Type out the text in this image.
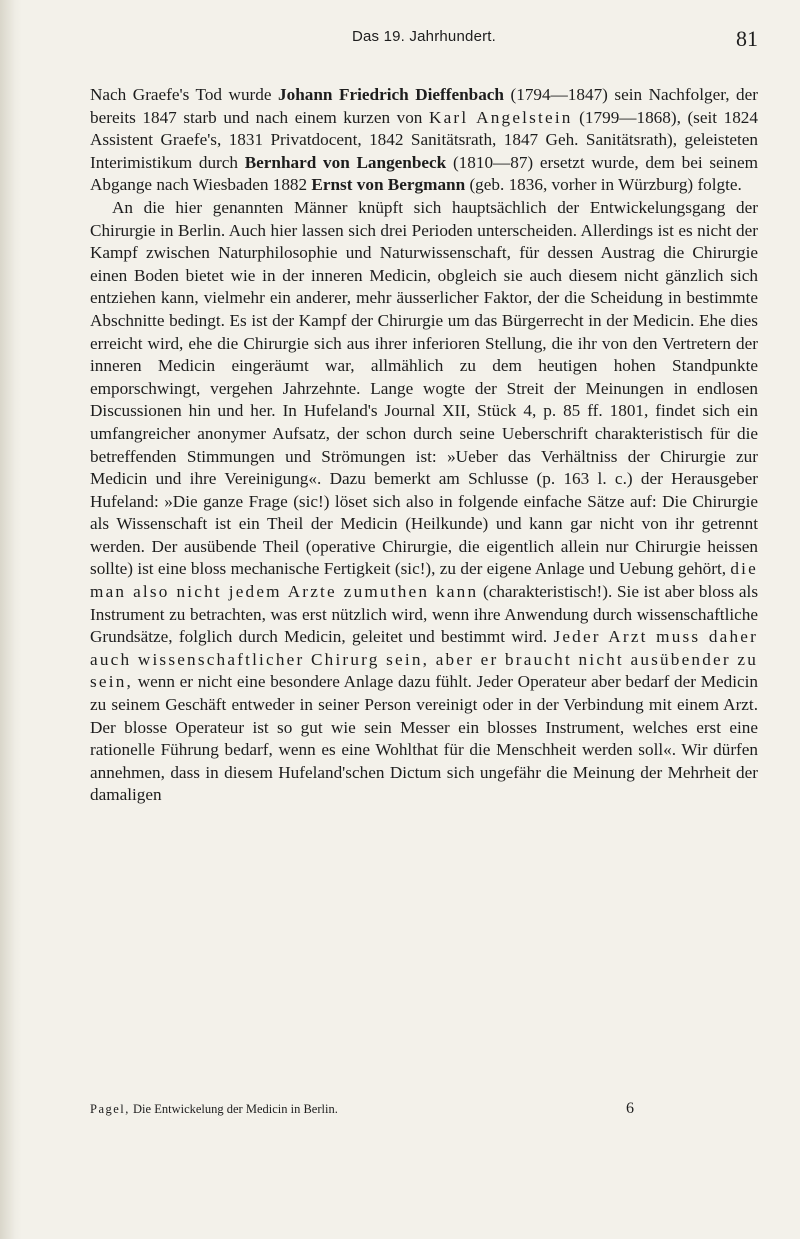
Das 19. Jahrhundert.	81

Nach Graefe's Tod wurde Johann Friedrich Dieffenbach (1794—1847) sein Nachfolger, der bereits 1847 starb und nach einem kurzen von Karl Angelstein (1799—1868), (seit 1824 Assistent Graefe's, 1831 Privatdocent, 1842 Sanitätsrath, 1847 Geh. Sanitätsrath), geleisteten Interimistikum durch Bernhard von Langenbeck (1810—87) ersetzt wurde, dem bei seinem Abgange nach Wiesbaden 1882 Ernst von Bergmann (geb. 1836, vorher in Würzburg) folgte.

An die hier genannten Männer knüpft sich hauptsächlich der Entwickelungsgang der Chirurgie in Berlin. Auch hier lassen sich drei Perioden unterscheiden. Allerdings ist es nicht der Kampf zwischen Naturphilosophie und Naturwissenschaft, für dessen Austrag die Chirurgie einen Boden bietet wie in der inneren Medicin, obgleich sie auch diesem nicht gänzlich sich entziehen kann, vielmehr ein anderer, mehr äusserlicher Faktor, der die Scheidung in bestimmte Abschnitte bedingt. Es ist der Kampf der Chirurgie um das Bürgerrecht in der Medicin. Ehe dies erreicht wird, ehe die Chirurgie sich aus ihrer inferioren Stellung, die ihr von den Vertretern der inneren Medicin eingeräumt war, allmählich zu dem heutigen hohen Standpunkte emporschwingt, vergehen Jahrzehnte. Lange wogte der Streit der Meinungen in endlosen Discussionen hin und her. In Hufeland's Journal XII, Stück 4, p. 85 ff. 1801, findet sich ein umfangreicher anonymer Aufsatz, der schon durch seine Ueberschrift charakteristisch für die betreffenden Stimmungen und Strömungen ist: »Ueber das Verhältniss der Chirurgie zur Medicin und ihre Vereinigung«. Dazu bemerkt am Schlusse (p. 163 l. c.) der Herausgeber Hufeland: »Die ganze Frage (sic!) löset sich also in folgende einfache Sätze auf: Die Chirurgie als Wissenschaft ist ein Theil der Medicin (Heilkunde) und kann gar nicht von ihr getrennt werden. Der ausübende Theil (operative Chirurgie, die eigentlich allein nur Chirurgie heissen sollte) ist eine bloss mechanische Fertigkeit (sic!), zu der eigene Anlage und Uebung gehört, die man also nicht jedem Arzte zumuthen kann (charakteristisch!). Sie ist aber bloss als Instrument zu betrachten, was erst nützlich wird, wenn ihre Anwendung durch wissenschaftliche Grundsätze, folglich durch Medicin, geleitet und bestimmt wird. Jeder Arzt muss daher auch wissenschaftlicher Chirurg sein, aber er braucht nicht ausübender zu sein, wenn er nicht eine besondere Anlage dazu fühlt. Jeder Operateur aber bedarf der Medicin zu seinem Geschäft entweder in seiner Person vereinigt oder in der Verbindung mit einem Arzt. Der blosse Operateur ist so gut wie sein Messer ein blosses Instrument, welches erst eine rationelle Führung bedarf, wenn es eine Wohlthat für die Menschheit werden soll«. Wir dürfen annehmen, dass in diesem Hufeland'schen Dictum sich ungefähr die Meinung der Mehrheit der damaligen

Pagel, Die Entwickelung der Medicin in Berlin.	6
